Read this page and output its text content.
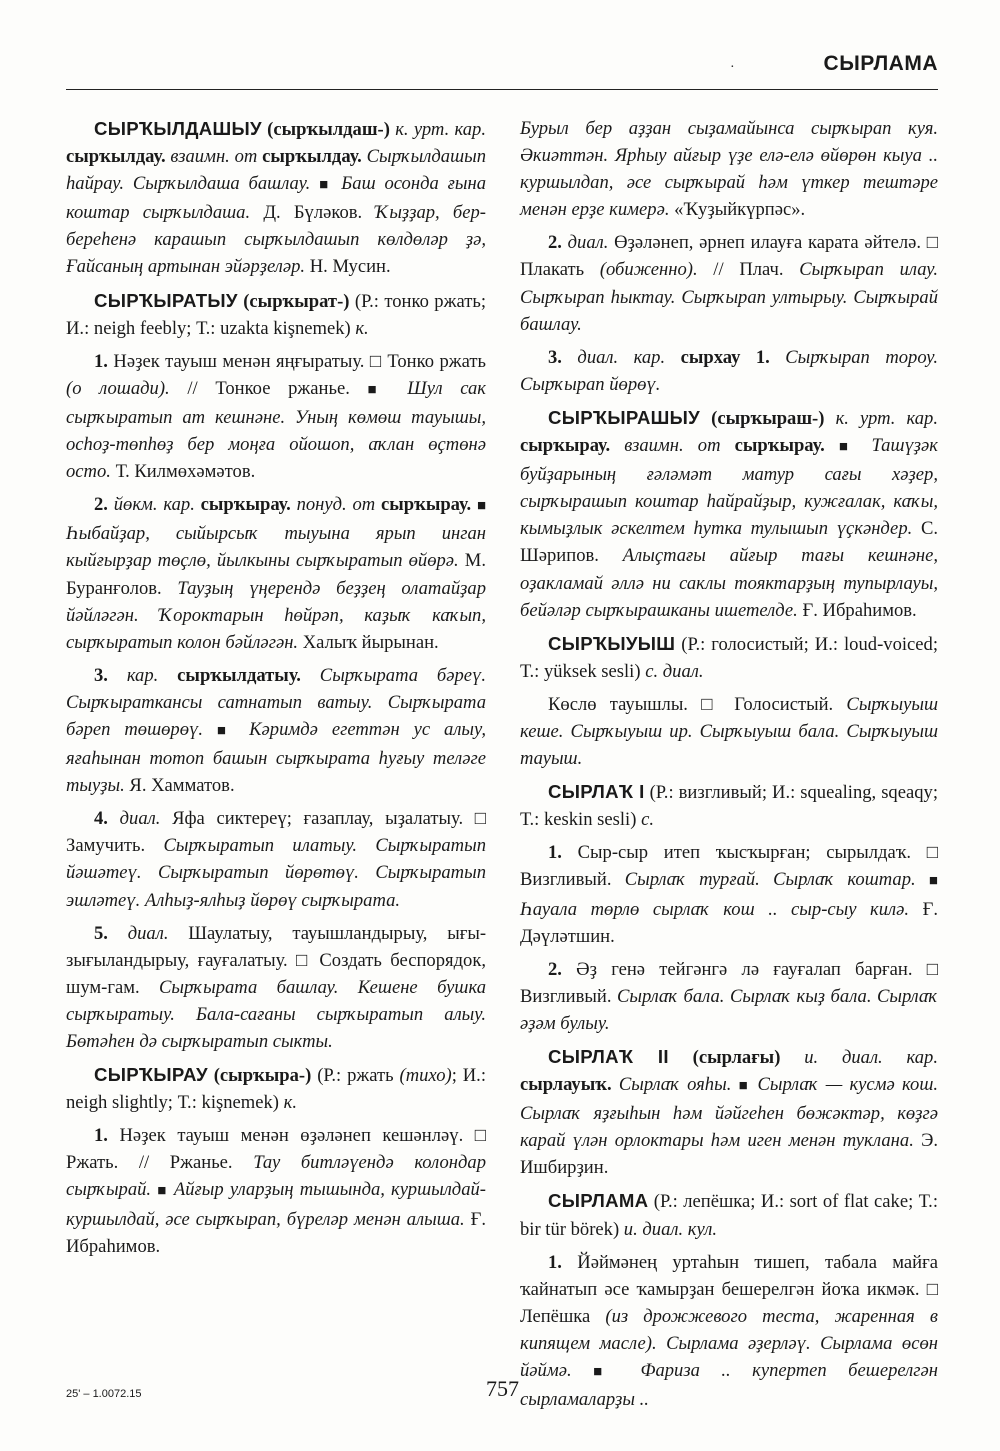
СЫРЛАМА
·

СЫРҠЫЛДАШЫУ (сырҡылдаш-) к. урт. кар. сырҡылдау. взаимн. от сырҡылдау. Сырҡылдашып һайрау. Сырҡылдаша башлау. ■ Баш осонда ғына коштар сырҡылдаша. Д. Бүләков. Ҡыҙҙар, бер-береһенә карашып сырҡылдашып көлдөләр ҙә, Ғайсаның артынан эйәрҙеләр. Н. Мусин.

СЫРҠЫРАТЫУ (сырҡырат-) (Р.: тонко ржать; И.: neigh feebly; Т.: uzakta kişnemek) к.

1. Нәҙек тауыш менән яңғыратыу. □ Тонко ржать (о лошади). // Тонкое ржанье. ■ Шул сак сырҡыратып ат кешнәне. Уның көмөш тауышы, осһоҙ-төпһөҙ бер моңға ойошоп, аҡлан өҫтөнә осто. Т. Килмөхәмәтов.

2. йөкм. кар. сырҡырау. понуд. от сырҡырау. ■ Һыбайҙар, сыйырсыҡ тыуына ярып инган кыйғырҙар төҫлө, йылкыны сырҡыратып өйөрә. М. Буранғолов. Тауҙың үңерендә беҙҙең олатайҙар йәйләгән. Ҡороктарын һөйрәп, каҙыҡ каҡып, сырҡыратып колон бәйләгән. Халыҡ йырынан.

3. кар. сырҡылдатыу. Сырҡырата бәреү. Сырҡыратканcы сатнатып ватыу. Сырҡырата бәреп төшөрөү. ■ Кәримдә егеттән ус алыу, яғаһынан тотоп башын сырҡырата һуғыу теләге тыуҙы. Я. Хамматов.

4. диал. Яфа сиктереү; ғазаплау, ыҙалатыу. □ Замучить. Сырҡыратып илатыу. Сырҡыратып йәшәтеү. Сырҡыратып йөрөтөү. Сырҡыратып эшләтеү. Алһыҙ-ялһыҙ йөрөү сырҡырата.

5. диал. Шаулатыу, тауышландырыу, ығы-зығыландырыу, ғауғалатыу. □ Создать беспорядок, шум-гам. Сырҡырата башлау. Кешене бушка сырҡыратыу. Бала-сағаны сырҡыратып алыу. Бөтәһен дә сырҡыратып сыкты.

СЫРҠЫРАУ (сырҡыра-) (Р.: ржать (тихо); И.: neigh slightly; Т.: kişnemek) к.

1. Нәҙек тауыш менән өҙәләнеп кешәнләү. □ Ржать. // Ржанье. Тау битләүендә колондар сырҡырай. ■ Айғыр уларҙың тышында, куршылдай-куршылдай, әсе сырҡырап, бүреләр менән алыша. Ғ. Ибраһимов.

Бурыл бер аҙҙан сыҙамайынса сырҡырап куя. Әкиәттән. Ярһыу айғыр үҙе елә-елә өйөрөн кыуа .. куршылдап, әсе сырҡырай һәм үткер тештәре менән ерҙе кимерә. «Ҡуҙыйкүрпәс».

2. диал. Өҙәләнеп, әрнеп илауға карата әйтелә. □ Плакать (обиженно). // Плач. Сырҡырап илау. Сырҡырап һыктау. Сырҡырап ултырыу. Сырҡырай башлау.

3. диал. кар. сырхау 1. Сырҡырап тороу. Сырҡырап йөрөү.

СЫРҠЫРАШЫУ (сырҡыраш-) к. урт. кар. сырҡырау. взаимн. от сырҡырау. ■ Ташүҙәк буйҙарының ғәләмәт матур сағы хәҙер, сырҡырашып коштар һайрайҙыр, кужғалак, каҡы, кымыҙлык әскелтем һутка тулышып үҫкәндер. С. Шәрипов. Алыҫтағы айғыр тағы кешнәне, оҙакламай әллә ни саклы тояктарҙың тупырлауы, бейәләр сырҡырашканы ишетелде. Ғ. Ибраһимов.

СЫРҠЫУЫШ (Р.: голосистый; И.: loud-voiced; Т.: yüksek sesli) с. диал.

Көслө тауышлы. □ Голосистый. Сырҡыуыш кеше. Сырҡыуыш ир. Сырҡыуыш бала. Сырҡыуыш тауыш.

СЫРЛАҠ I (Р.: визгливый; И.: squealing, sqeaqy; Т.: keskin sesli) с.

1. Сыр-сыр итеп ҡысҡырған; сырылдаҡ. □ Визгливый. Сырлаҡ турғай. Сырлаҡ коштар. ■ Һауала төрлө сырлаҡ кош .. сыр-сыу килә. Ғ. Дәүләтшин.

2. Әҙ генә тейгәнгә лә ғауғалап барған. □ Визгливый. Сырлаҡ бала. Сырлаҡ кыҙ бала. Сырлаҡ әҙәм булыу.

СЫРЛАҠ II (сырлағы) и. диал. кар. сырлауыҡ. Сырлаҡ ояһы. ■ Сырлаҡ — кусмә кош. Сырлаҡ яҙғыһын һәм йәйгеһен бөжәктәр, көҙгә карай үлән орлоктары һәм иген менән туклана. Э. Ишбирҙин.

СЫРЛАМА (Р.: лепёшка; И.: sort of flat cake; Т.: bir tür börek) и. диал. кул.

1. Йәймәнең уртаһын тишеп, табала майға ҡайнатып әсе ҡамырҙан бешерелгән йоҡа икмәк. □ Лепёшка (из дрожжевого теста, жаренная в кипящем масле). Сырлама әҙерләү. Сырлама өсөн йәймә. ■ Фариза .. купертеп бешерелгән сырламаларҙы ..

25' – 1.0072.15	757
